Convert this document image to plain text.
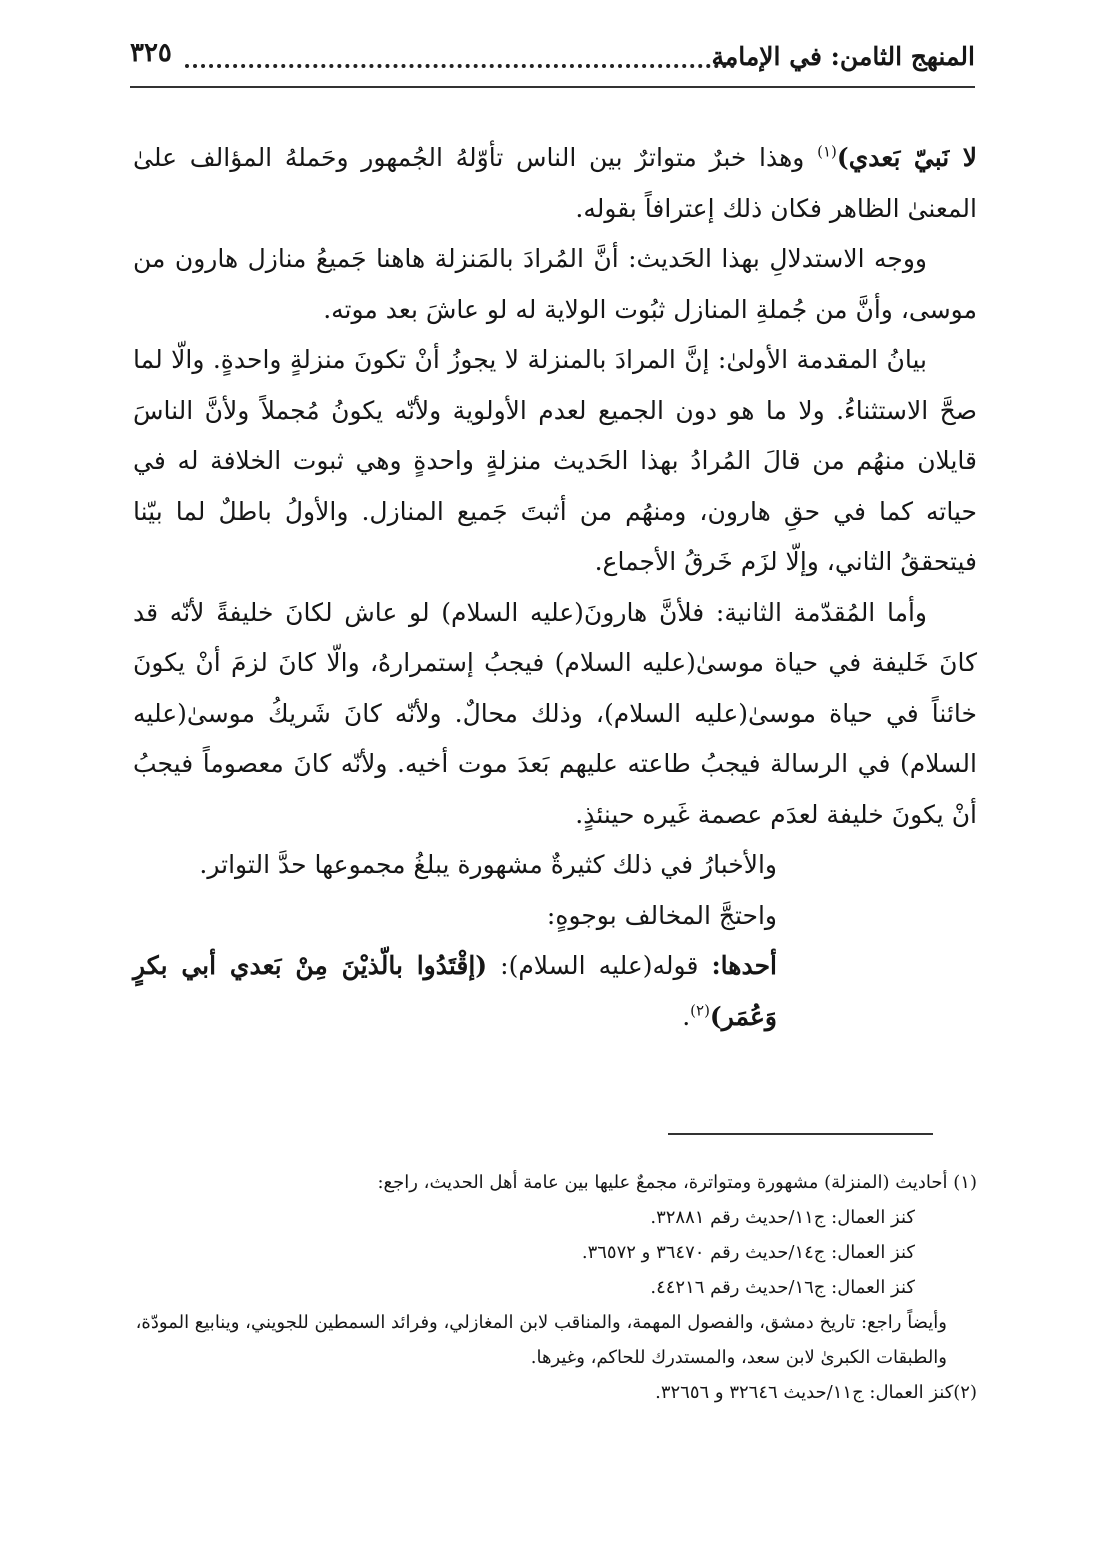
المنهج الثامن: في الإمامة
٣٢٥

لا نَبيّ بَعدي)$^{(١)}$ وهذا خبرٌ متواترٌ بين الناس تأوّلهُ الجُمهور وحَملهُ المؤالف علىٰ المعنىٰ الظاهر فكان ذلك إعترافاً بقوله.

ووجه الاستدلالِ بهذا الحَديث: أنَّ المُرادَ بالمَنزلة هاهنا جَميعُ منازل هارون من موسى، وأنَّ من جُملةِ المنازل ثبُوت الولاية له لو عاشَ بعد موته.

بيانُ المقدمة الأولىٰ: إنَّ المرادَ بالمنزلة لا يجوزُ أنْ تكونَ منزلةٍ واحدةٍ. والّا لما صحَّ الاستثناءُ. ولا ما هو دون الجميع لعدم الأولوية ولأنّه يكونُ مُجملاً ولأنَّ الناسَ قايلان منهُم من قالَ المُرادُ بهذا الحَديث منزلةٍ واحدةٍ وهي ثبوت الخلافة له في حياته كما في حقِ هارون، ومنهُم من أثبتَ جَميع المنازل. والأولُ باطلٌ لما بيّنا فيتحققُ الثاني، وإلّا لزَم خَرقُ الأجماع.

وأما المُقدّمة الثانية: فلأنَّ هارونَ(عليه السلام) لو عاش لكانَ خليفةً لأنّه قد كانَ خَليفة في حياة موسىٰ(عليه السلام) فيجبُ إستمرارهُ، والّا كانَ لزمَ أنْ يكونَ خائناً في حياة موسىٰ(عليه السلام)، وذلك محالٌ. ولأنّه كانَ شَريكُ موسىٰ(عليه السلام) في الرسالة فيجبُ طاعته عليهم بَعدَ موت أخيه. ولأنّه كانَ معصوماً فيجبُ أنْ يكونَ خليفة لعدَم عصمة غَيره حينئذٍ.

والأخبارُ في ذلك كثيرةٌ مشهورة يبلغُ مجموعها حدَّ التواتر.

واحتجَّ المخالف بوجوهٍ:

أحدها: قوله(عليه السلام): (إقْتَدُوا بالّذيْنَ مِنْ بَعدي أبي بكرٍ وَعُمَر)$^{(٢)}$.

(١) أحاديث (المنزلة) مشهورة ومتواترة، مجمعٌ عليها بين عامة أهل الحديث، راجع:

كنز العمال: ج١١/حديث رقم ٣٢٨٨١.

كنز العمال: ج١٤/حديث رقم ٣٦٤٧٠ و ٣٦٥٧٢.

كنز العمال: ج١٦/حديث رقم ٤٤٢١٦.

وأيضاً راجع: تاريخ دمشق، والفصول المهمة، والمناقب لابن المغازلي، وفرائد السمطين للجويني، وينابيع المودّة، والطبقات الكبرىٰ لابن سعد، والمستدرك للحاكم، وغيرها.

(٢)كنز العمال: ج١١/حديث ٣٢٦٤٦ و ٣٢٦٥٦.
